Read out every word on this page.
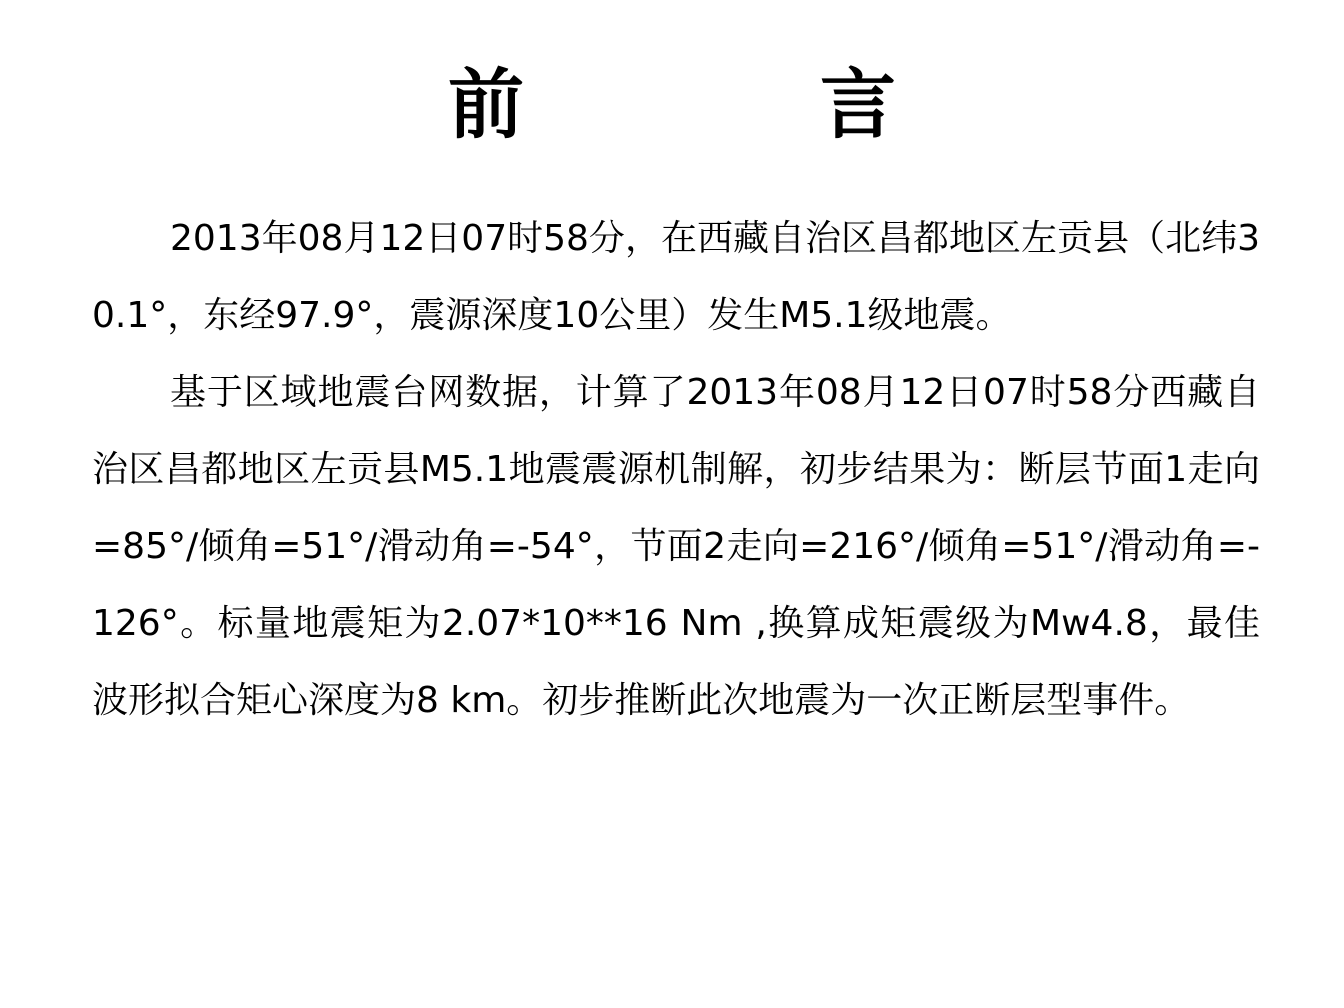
前　言

2013年08月12日07时58分，在西藏自治区昌都地区左贡县（北纬30.1°，东经97.9°，震源深度10公里）发生M5.1级地震。

基于区域地震台网数据，计算了2013年08月12日07时58分西藏自治区昌都地区左贡县M5.1地震震源机制解，初步结果为：断层节面1走向=85°/倾角=51°/滑动角=-54°，节面2走向=216°/倾角=51°/滑动角=-126°。标量地震矩为2.07*10**16 Nm ,换算成矩震级为Mw4.8，最佳波形拟合矩心深度为8 km。初步推断此次地震为一次正断层型事件。
